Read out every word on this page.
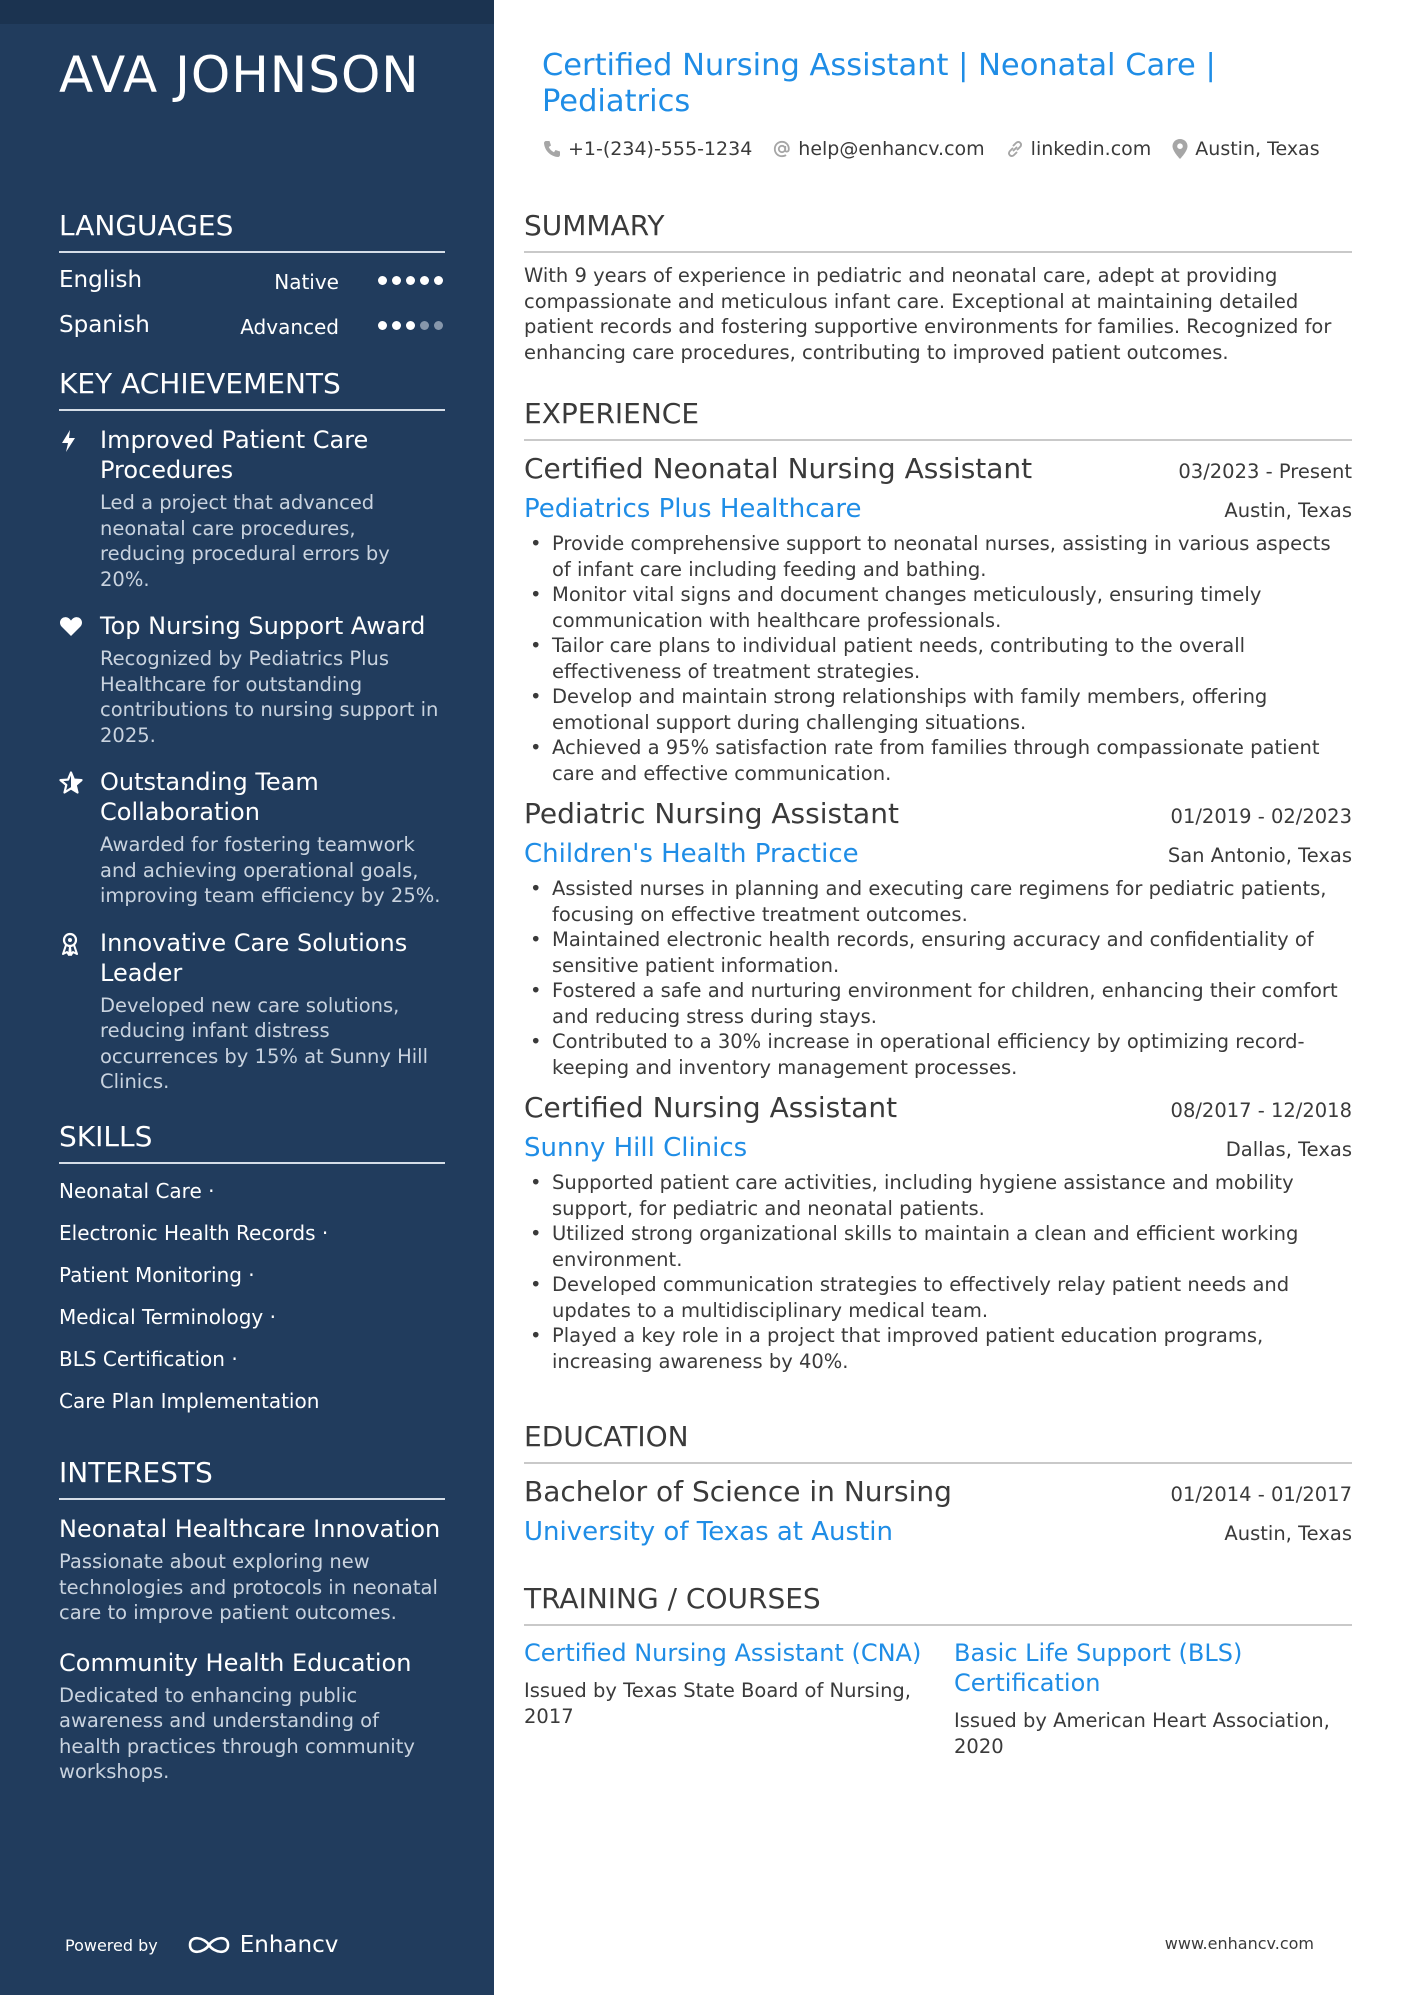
AVA JOHNSON
LANGUAGES
English	Native
Spanish	Advanced
KEY ACHIEVEMENTS
Improved Patient Care Procedures
Led a project that advanced neonatal care procedures, reducing procedural errors by 20%.
Top Nursing Support Award
Recognized by Pediatrics Plus Healthcare for outstanding contributions to nursing support in 2025.
Outstanding Team Collaboration
Awarded for fostering teamwork and achieving operational goals, improving team efficiency by 25%.
Innovative Care Solutions Leader
Developed new care solutions, reducing infant distress occurrences by 15% at Sunny Hill Clinics.
SKILLS
Neonatal Care ·
Electronic Health Records ·
Patient Monitoring ·
Medical Terminology ·
BLS Certification ·
Care Plan Implementation
INTERESTS
Neonatal Healthcare Innovation
Passionate about exploring new technologies and protocols in neonatal care to improve patient outcomes.
Community Health Education
Dedicated to enhancing public awareness and understanding of health practices through community workshops.
Powered by	Enhancv
Certified Nursing Assistant | Neonatal Care | Pediatrics
+1-(234)-555-1234 help@enhancv.com linkedin.com Austin, Texas
SUMMARY
With 9 years of experience in pediatric and neonatal care, adept at providing compassionate and meticulous infant care. Exceptional at maintaining detailed patient records and fostering supportive environments for families. Recognized for enhancing care procedures, contributing to improved patient outcomes.
EXPERIENCE
Certified Neonatal Nursing Assistant	03/2023 - Present
Pediatrics Plus Healthcare	Austin, Texas
• Provide comprehensive support to neonatal nurses, assisting in various aspects of infant care including feeding and bathing.
• Monitor vital signs and document changes meticulously, ensuring timely communication with healthcare professionals.
• Tailor care plans to individual patient needs, contributing to the overall effectiveness of treatment strategies.
• Develop and maintain strong relationships with family members, offering emotional support during challenging situations.
• Achieved a 95% satisfaction rate from families through compassionate patient care and effective communication.
Pediatric Nursing Assistant	01/2019 - 02/2023
Children's Health Practice	San Antonio, Texas
• Assisted nurses in planning and executing care regimens for pediatric patients, focusing on effective treatment outcomes.
• Maintained electronic health records, ensuring accuracy and confidentiality of sensitive patient information.
• Fostered a safe and nurturing environment for children, enhancing their comfort and reducing stress during stays.
• Contributed to a 30% increase in operational efficiency by optimizing record-keeping and inventory management processes.
Certified Nursing Assistant	08/2017 - 12/2018
Sunny Hill Clinics	Dallas, Texas
• Supported patient care activities, including hygiene assistance and mobility support, for pediatric and neonatal patients.
• Utilized strong organizational skills to maintain a clean and efficient working environment.
• Developed communication strategies to effectively relay patient needs and updates to a multidisciplinary medical team.
• Played a key role in a project that improved patient education programs, increasing awareness by 40%.
EDUCATION
Bachelor of Science in Nursing	01/2014 - 01/2017
University of Texas at Austin	Austin, Texas
TRAINING / COURSES
Certified Nursing Assistant (CNA)
Issued by Texas State Board of Nursing, 2017
Basic Life Support (BLS) Certification
Issued by American Heart Association, 2020
www.enhancv.com
